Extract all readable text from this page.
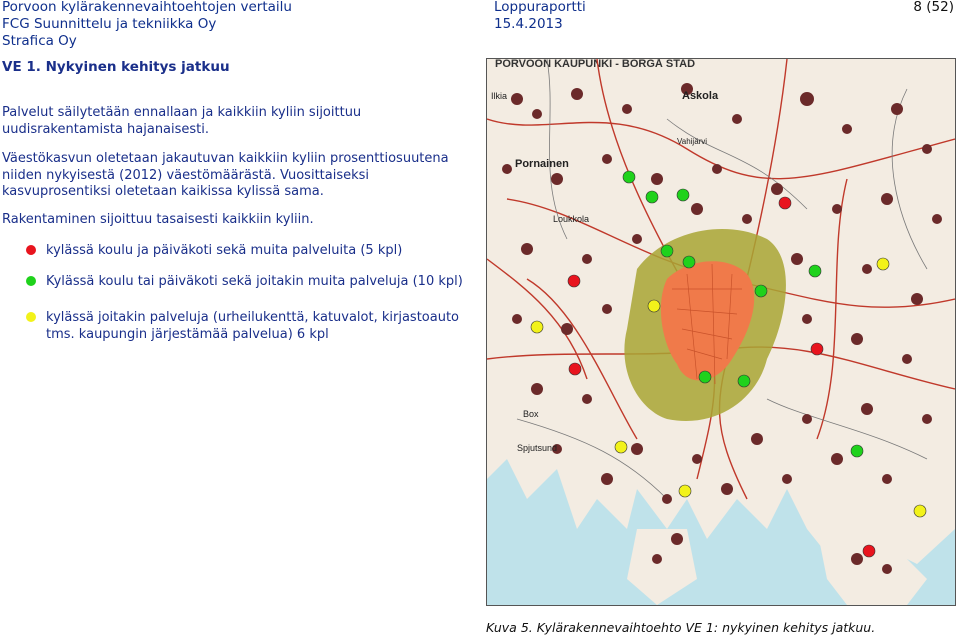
Porvoon kylärakennevaihtoehtojen vertailu
FCG Suunnittelu ja tekniikka Oy
Strafica Oy
Loppuraportti
15.4.2013
8 (52)
VE 1. Nykyinen kehitys jatkuu
Palvelut säilytetään ennallaan ja kaikkiin kyliin sijoittuu uudisrakentamista hajanaisesti.
Väestökasvun oletetaan jakautuvan kaikkiin kyliin prosenttiosuutena niiden nykyisestä (2012) väestömäärästä. Vuosittaiseksi kasvuprosentiksi oletetaan kaikissa kylissä sama.
Rakentaminen sijoittuu tasaisesti kaikkiin kyliin.
kylässä koulu ja päiväkoti sekä muita palveluita (5 kpl)
Kylässä koulu tai päiväkoti sekä joitakin muita palveluja (10 kpl)
kylässä joitakin palveluja (urheilukenttä, katuvalot, kirjastoauto tms. kaupungin järjestämää palvelua) 6 kpl
PORVOON KAUPUNKI - BORGÅ STAD
Askola
Pornainen
Loukkola
Box
Spjutsund
Ilkia
Vahijärvi
Kuva 5. Kylärakennevaihtoehto VE 1: nykyinen kehitys jatkuu.
